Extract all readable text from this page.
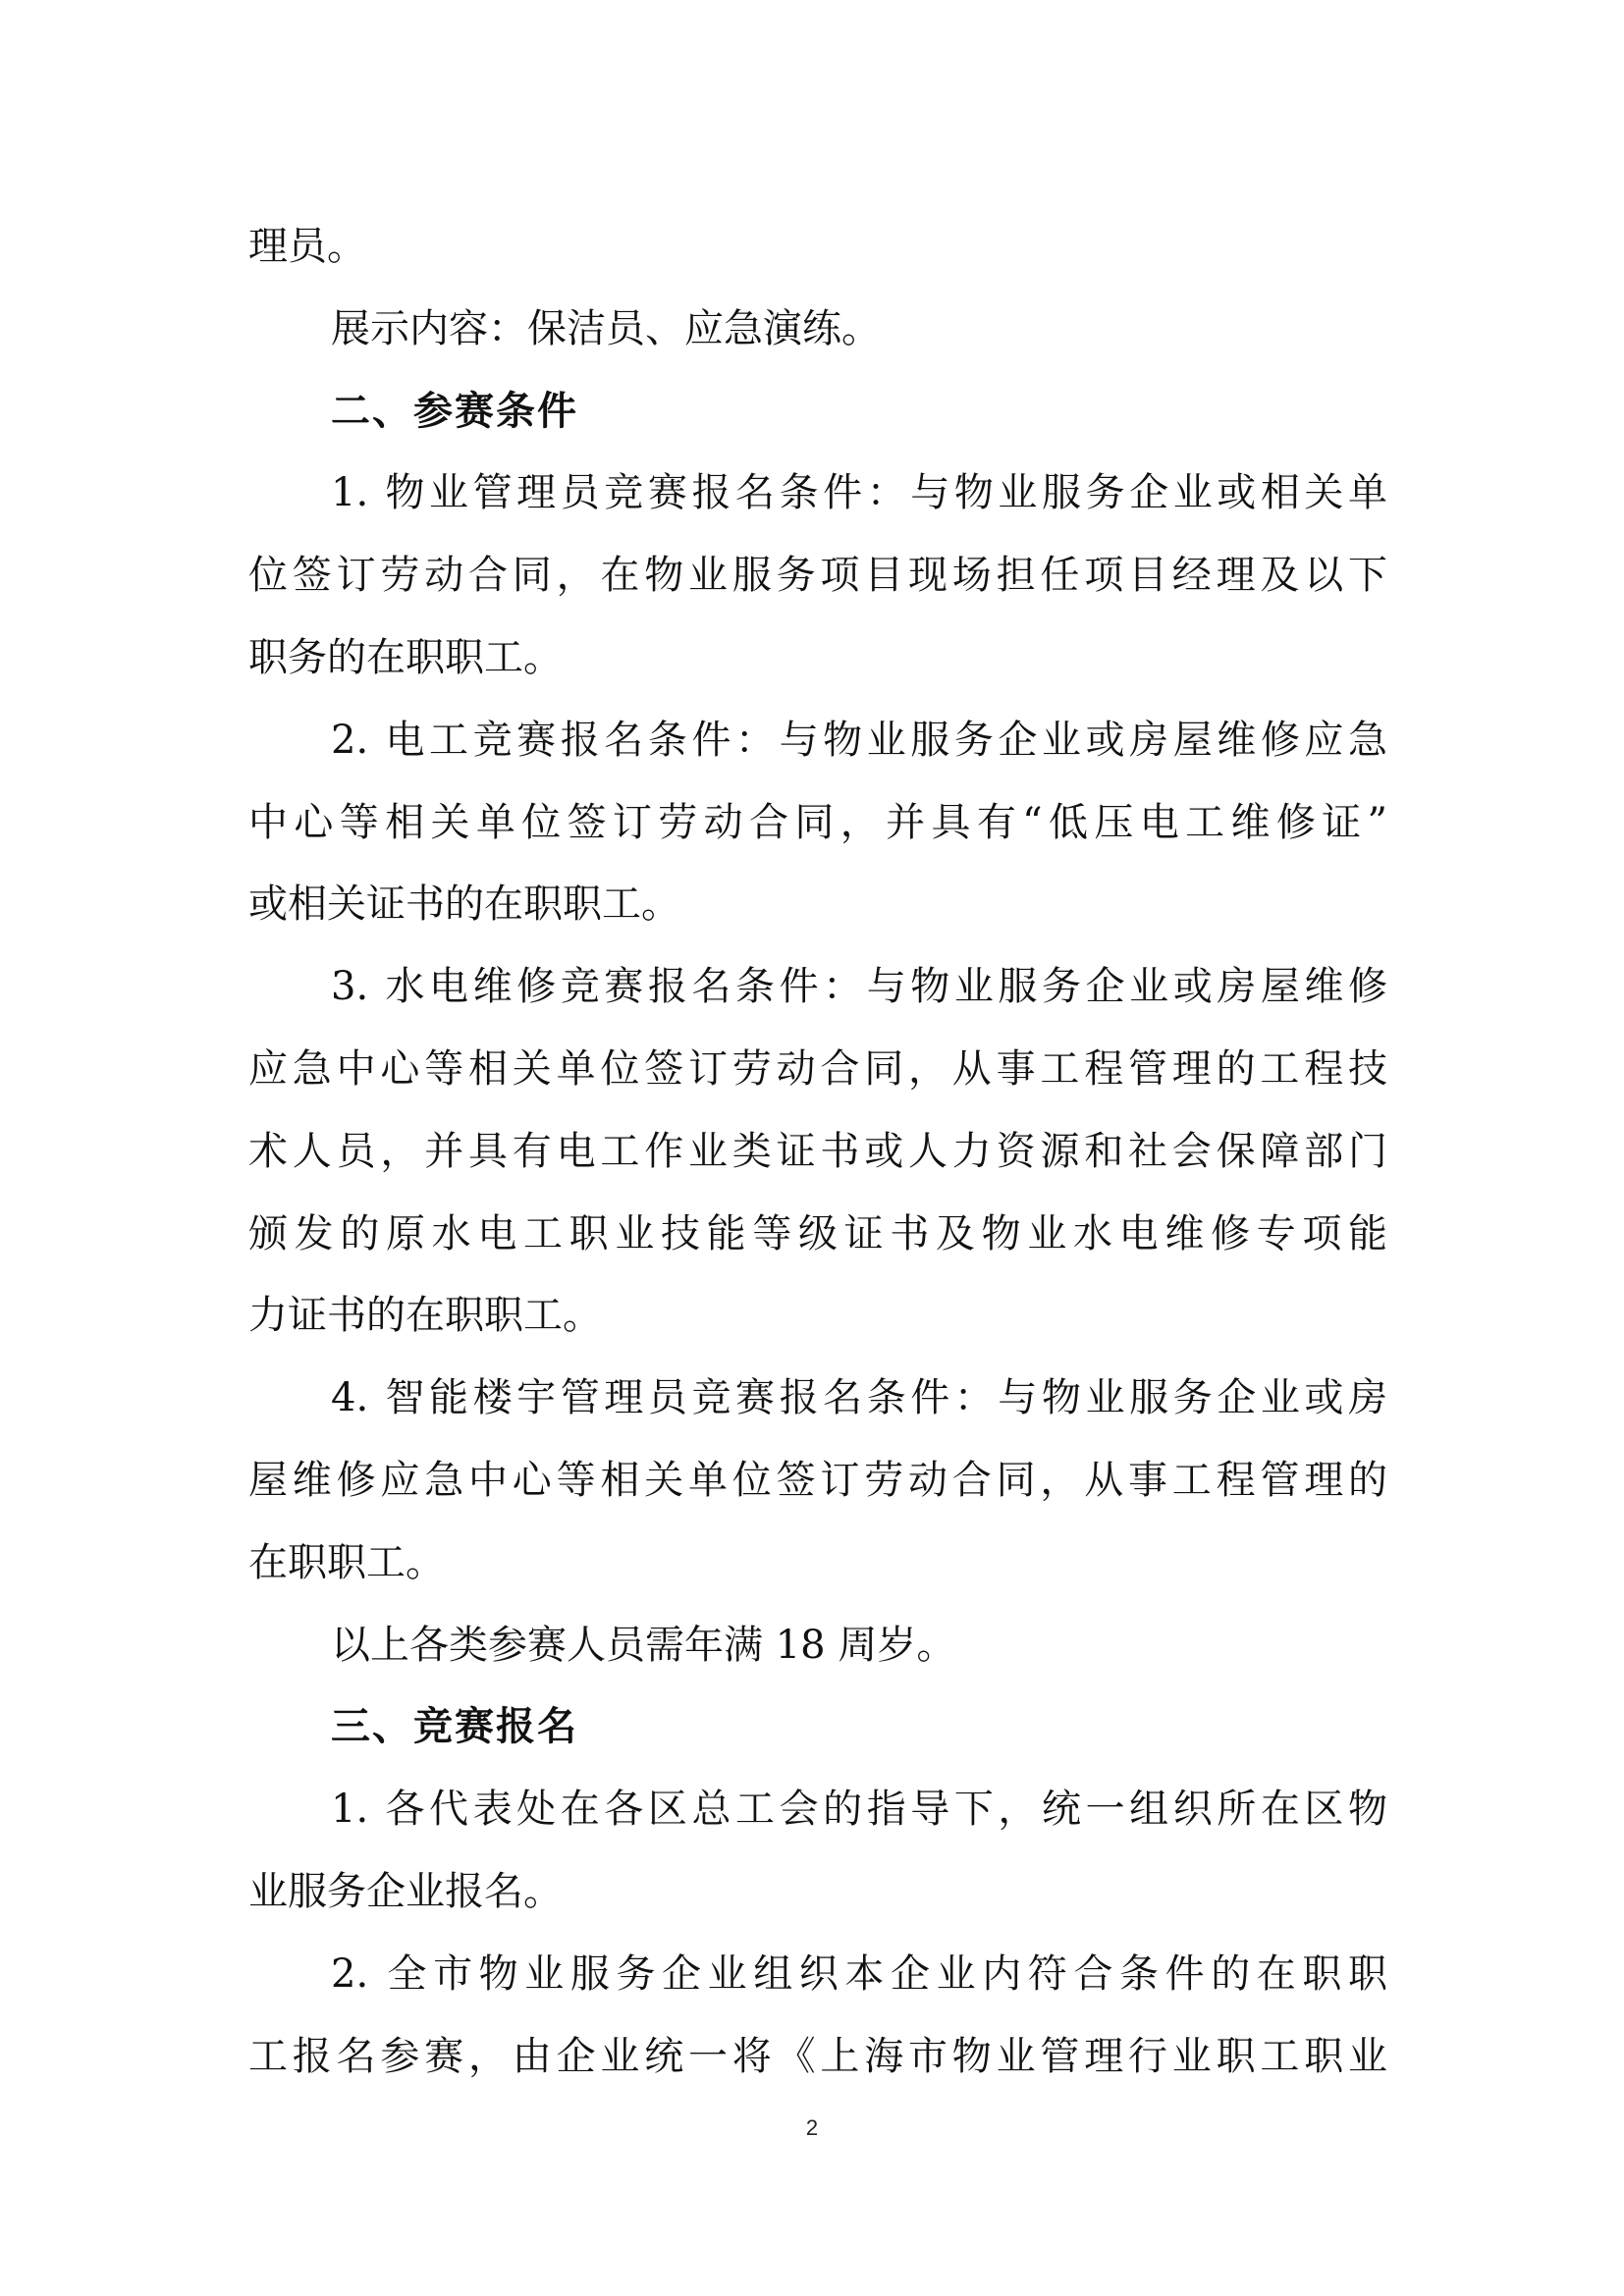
理员。
展示内容：保洁员、应急演练。
二、参赛条件
1. 物业管理员竞赛报名条件：与物业服务企业或相关单
位签订劳动合同，在物业服务项目现场担任项目经理及以下
职务的在职职工。
2. 电工竞赛报名条件：与物业服务企业或房屋维修应急
中心等相关单位签订劳动合同，并具有“低压电工维修证”
或相关证书的在职职工。
3. 水电维修竞赛报名条件：与物业服务企业或房屋维修
应急中心等相关单位签订劳动合同，从事工程管理的工程技
术人员，并具有电工作业类证书或人力资源和社会保障部门
颁发的原水电工职业技能等级证书及物业水电维修专项能
力证书的在职职工。
4. 智能楼宇管理员竞赛报名条件：与物业服务企业或房
屋维修应急中心等相关单位签订劳动合同，从事工程管理的
在职职工。
以上各类参赛人员需年满 18 周岁。
三、竞赛报名
1. 各代表处在各区总工会的指导下，统一组织所在区物
业服务企业报名。
2. 全市物业服务企业组织本企业内符合条件的在职职
工报名参赛，由企业统一将《上海市物业管理行业职工职业
2
